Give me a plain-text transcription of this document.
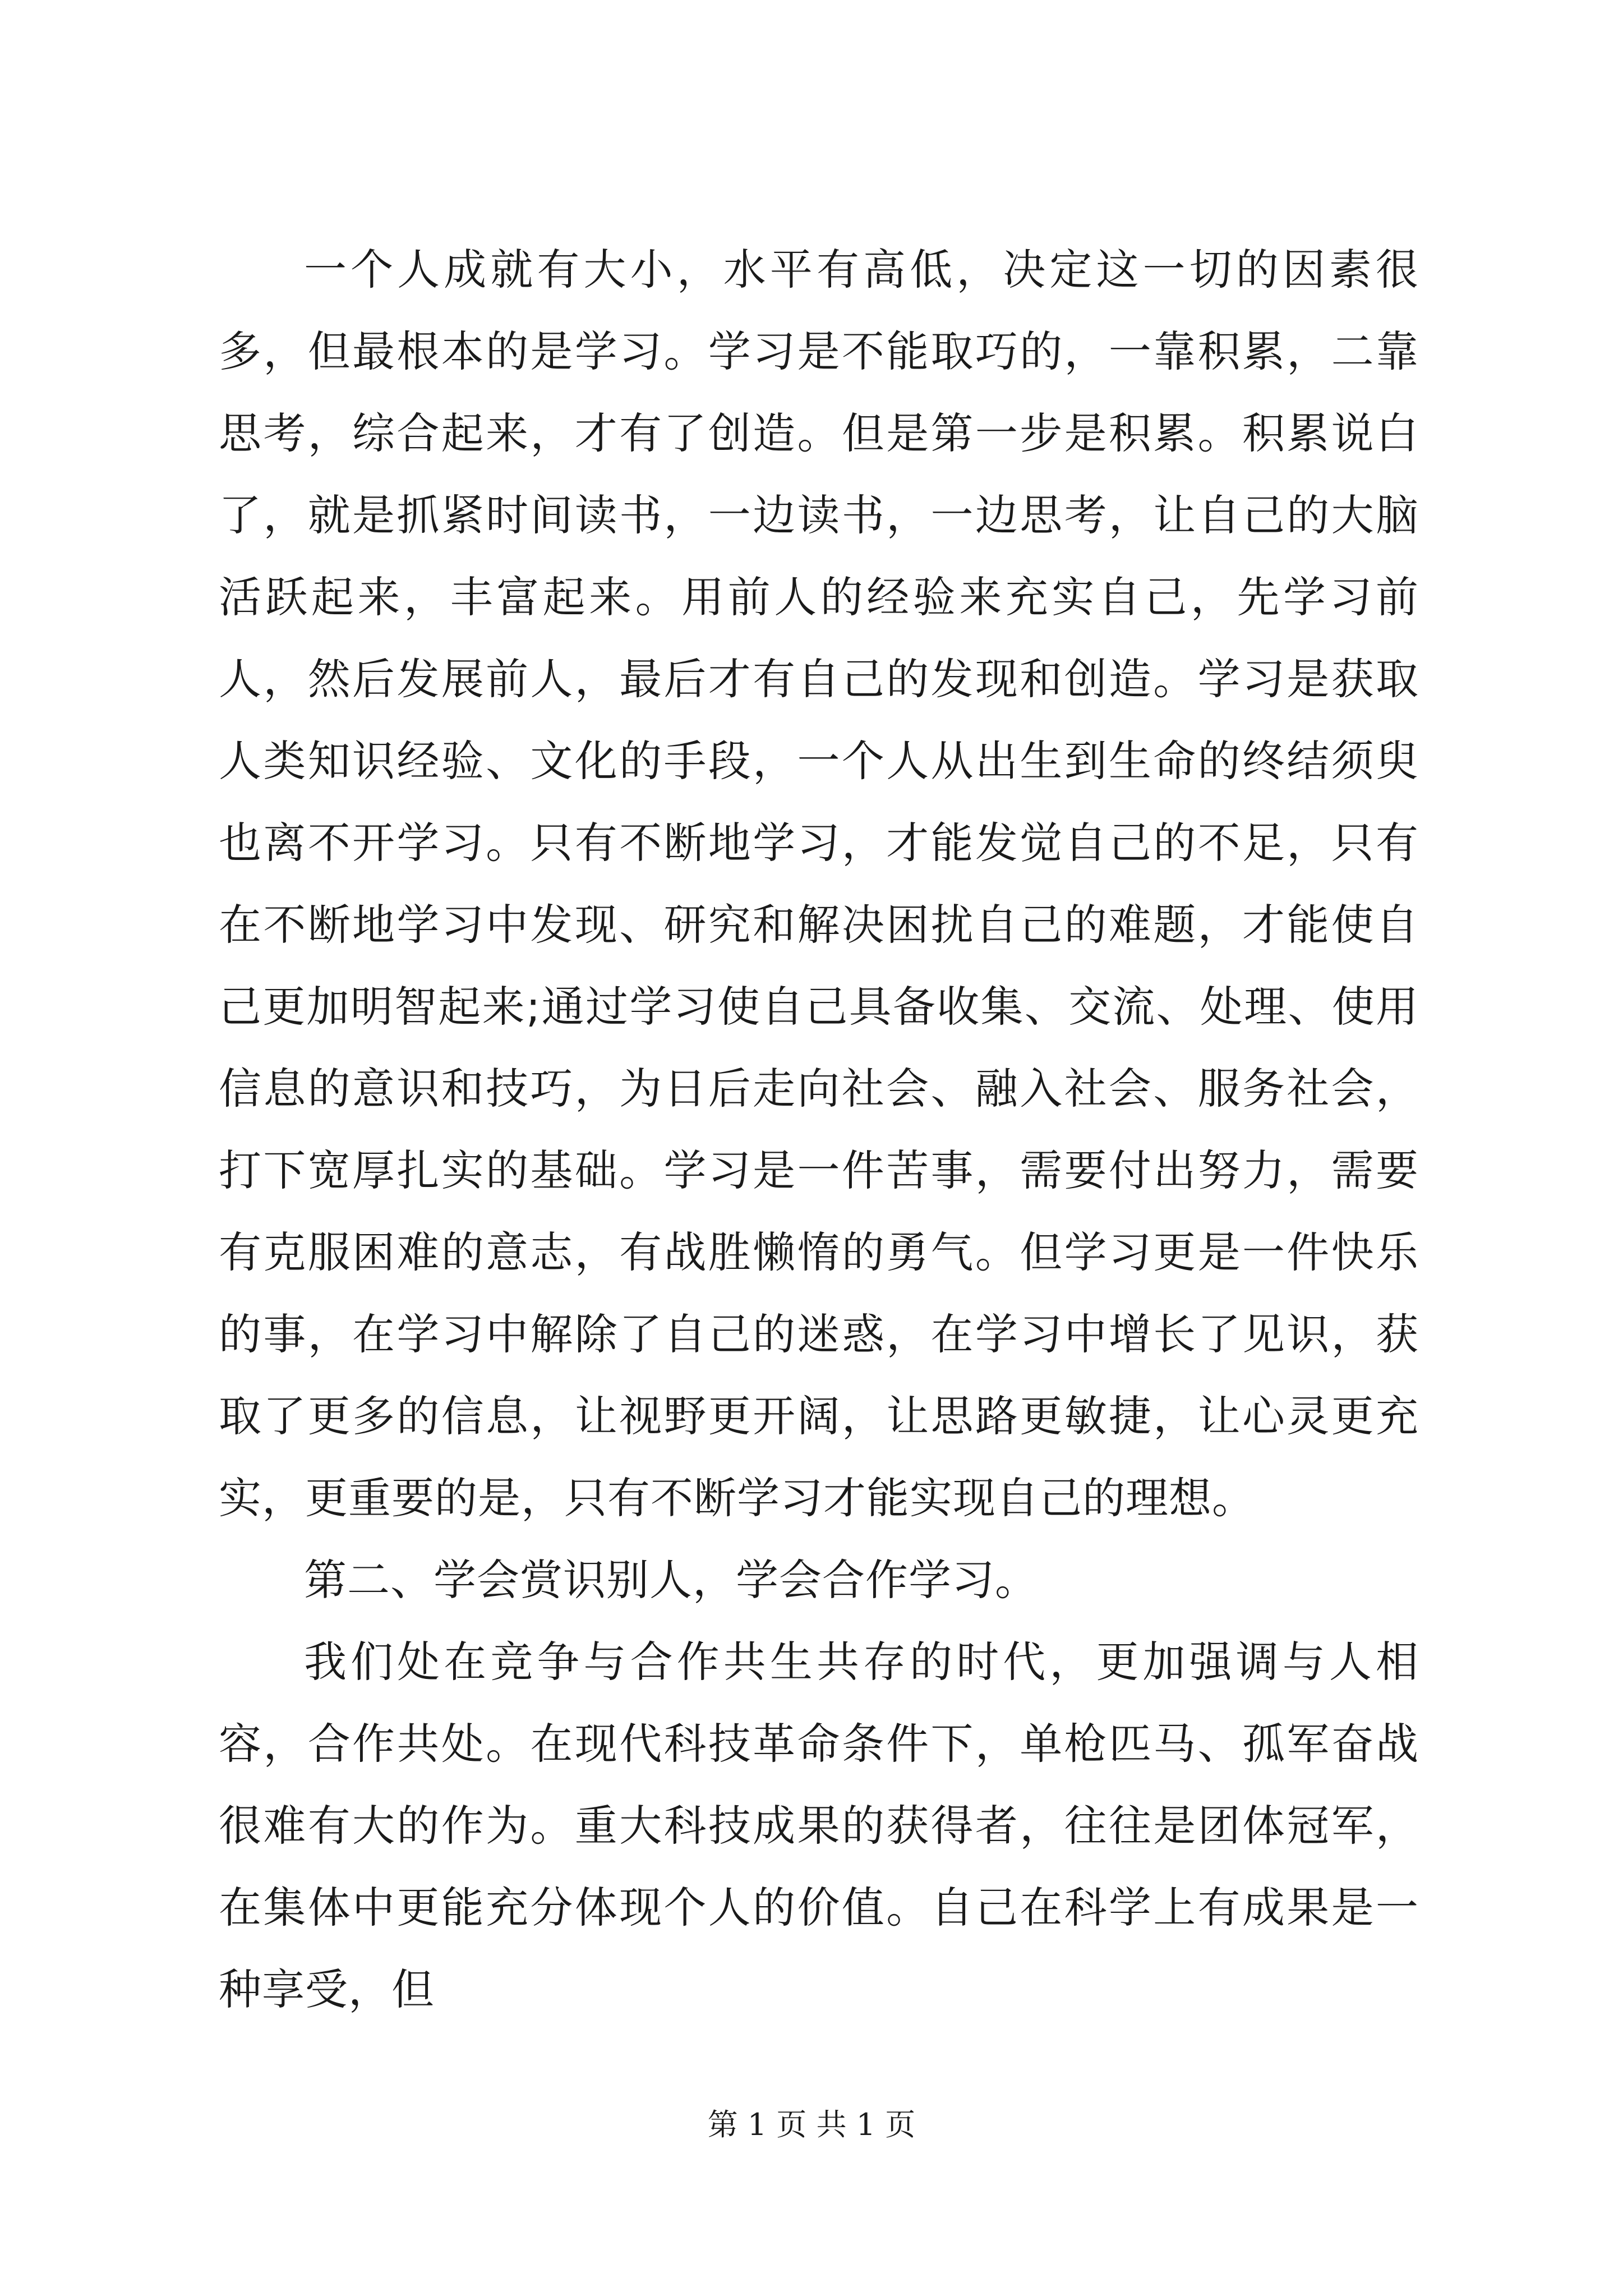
一个人成就有大小，水平有高低，决定这一切的因素很多，但最根本的是学习。学习是不能取巧的，一靠积累，二靠思考，综合起来，才有了创造。但是第一步是积累。积累说白了，就是抓紧时间读书，一边读书，一边思考，让自己的大脑活跃起来，丰富起来。用前人的经验来充实自己，先学习前人，然后发展前人，最后才有自己的发现和创造。学习是获取人类知识经验、文化的手段，一个人从出生到生命的终结须臾也离不开学习。只有不断地学习，才能发觉自己的不足，只有在不断地学习中发现、研究和解决困扰自己的难题，才能使自己更加明智起来;通过学习使自己具备收集、交流、处理、使用信息的意识和技巧，为日后走向社会、融入社会、服务社会，打下宽厚扎实的基础。学习是一件苦事，需要付出努力，需要有克服困难的意志，有战胜懒惰的勇气。但学习更是一件快乐的事，在学习中解除了自己的迷惑，在学习中增长了见识，获取了更多的信息，让视野更开阔，让思路更敏捷，让心灵更充实，更重要的是，只有不断学习才能实现自己的理想。

第二、学会赏识别人，学会合作学习。

我们处在竞争与合作共生共存的时代，更加强调与人相容，合作共处。在现代科技革命条件下，单枪匹马、孤军奋战很难有大的作为。重大科技成果的获得者，往往是团体冠军，在集体中更能充分体现个人的价值。自己在科学上有成果是一种享受，但

第 1 页 共 1 页
